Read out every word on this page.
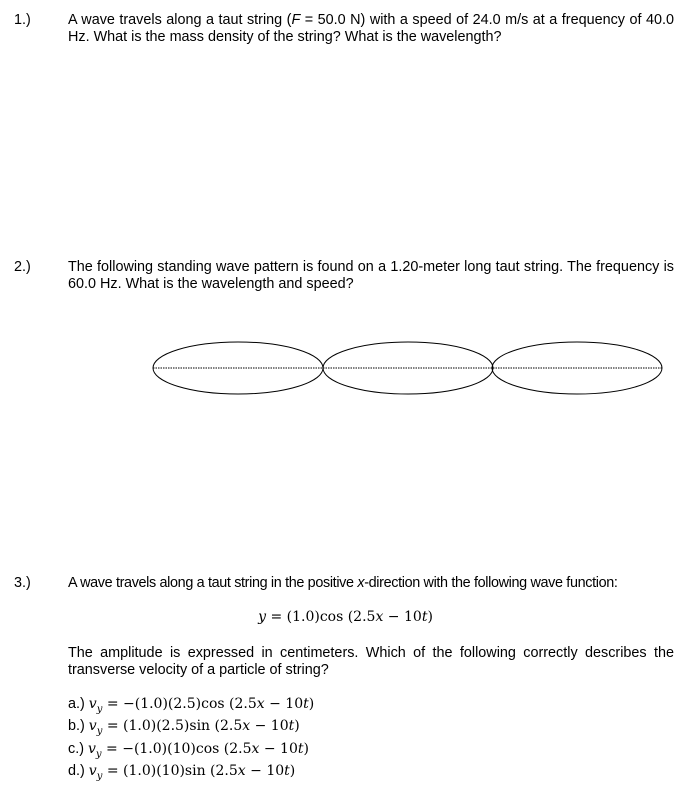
1.)	A wave travels along a taut string (F = 50.0 N) with a speed of 24.0 m/s at a frequency of 40.0 Hz. What is the mass density of the string? What is the wavelength?
2.)	The following standing wave pattern is found on a 1.20-meter long taut string. The frequency is 60.0 Hz. What is the wavelength and speed?
3.)	A wave travels along a taut string in the positive x-direction with the following wave function:
y = (1.0)cos (2.5x − 10t)
The amplitude is expressed in centimeters. Which of the following correctly describes the transverse velocity of a particle of string?
a.) $v_y = -(1.0)(2.5)\cos$ (2.5x − 10t)
b.) $v_y = (1.0)(2.5)\sin$ (2.5x − 10t)
c.) $v_y = -(1.0)(10)\cos$ (2.5x − 10t)
d.) $v_y = (1.0)(10)\sin$ (2.5x − 10t)
